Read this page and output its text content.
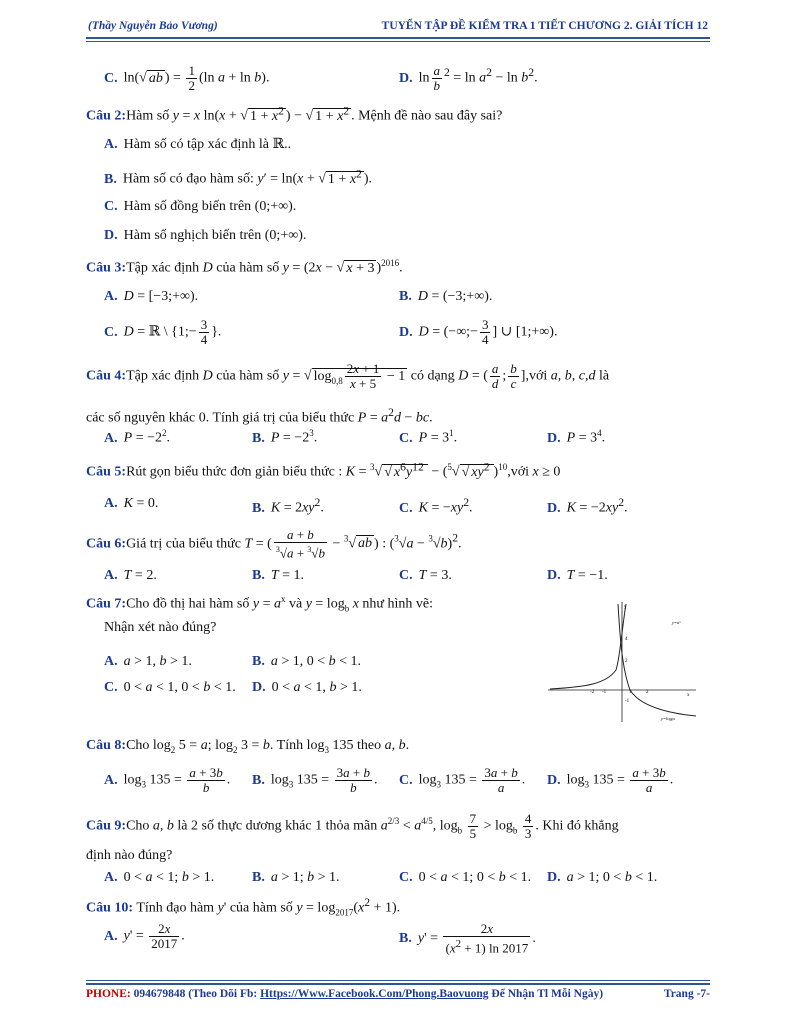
(Thầy Nguyễn Bảo Vương)	TUYỂN TẬP ĐỀ KIỂM TRA 1 TIẾT CHƯƠNG 2. GIẢI TÍCH 12
C. ln(√ ab ) = $\frac{1}{2} (\ln$ a + ln b).	D. $\ln \frac{a}{b} ^2 = \ln a^2 - \ln b^2$.
Câu 2:Hàm số y = x ln(x + √ $1 + x^2$ ) − √ $1 + x^2$ . Mệnh đề nào sau đây sai?
A. Hàm số có tập xác định là ℝ..
B. Hàm số có đạo hàm số: y′ = ln(x + √ $1 + x^2$ ).
C. Hàm số đồng biến trên (0;+∞).
D. Hàm số nghịch biến trên (0;+∞).
Câu 3:Tập xác định D của hàm số y = (2x − √ x + 3 )$^{2016}$.
A. D = [−3;+∞).	B. D = (−3;+∞).
C. D = ℝ \ {1;− $\frac{3}{4}$ }.	D. D = (−∞;− $\frac{3}{4}$ ] ∪ [1;+∞).
Câu 4:Tập xác định D của hàm số y = √ $\log_{0,8} \frac{2x + 1}{x + 5} - 1$ có dạng D = ( $\frac{a}{d}$ ; $\frac{b}{c}$ ],với a, b, c,d là
các số nguyên khác 0. Tính giá trị của biểu thức $P = a^2d$ − bc.
A. $P = -2^2$.	B. $P = -2^3$.	C. $P = 3^1$.	D. $P = 3^4$.
Câu 5:Rút gọn biểu thức đơn giản biểu thức : K = $^3$√ √ $x^6y^{12} - (^5√$ √ $xy^2$ )$^{10}$,với x ≥ 0
A. K = 0.	B. $K = 2xy^2$.	C. $K = -xy^2$.	D. $K = -2xy^2$.
Câu 6:Giá trị của biểu thức T = ( $\frac{a + b}{^3√a + ^3√b} - ^3√$ ab ) : $(^3√a - ^3√b)^2$.
A. T = 2.	B. T = 1.	C. T = 3.	D. T = −1.
Câu 7:Cho đồ thị hai hàm số $y = a^x$ và $y = \log_b x$ như hình vẽ:
Nhận xét nào đúng?
A. a > 1, b > 1.	B. a > 1, 0 < b < 1.
C. 0 < a < 1, 0 < b < 1. D. 0 < a < 1, b > 1.	-2 -1	1	2
4
2
-1
y
x
y=aˣ
y=logᵦx
Câu 8:Cho $\log_2 5 = a$; $\log_2 3 = b$. Tính $\log_3 135$ theo a, b.
A. $\log_3 135 = \frac{a + 3b}{b}$ . B. $\log_3 135 = \frac{3a + b}{b}$ . C. $\log_3 135 = \frac{3a + b}{a}$ . D. $\log_3 135 = \frac{a + 3b}{a}$ .
Câu 9:Cho a, b là 2 số thực dương khác 1 thỏa mãn $a^{2/3} < a^{4/5}$, $\log_b \frac{7}{5} > \log_b \frac{4}{3}$ . Khi đó khẳng
định nào đúng?
A. 0 < a < 1; b > 1.	B. a > 1; b > 1.	C. 0 < a < 1; 0 < b < 1. D. a > 1; 0 < b < 1.
Câu 10: Tính đạo hàm y' của hàm số $y = \log_{2017}(x^2 + 1)$.
A. $y' = \frac{2x}{2017}$ .	B. $y' = \frac{2x}{(x^2 + 1) \ln 2017}$ .
PHONE: 094679848 (Theo Dõi Fb: Https://Www.Facebook.Com/Phong.Baovuong Để Nhận Tl Mỗi Ngày)	Trang -7-
